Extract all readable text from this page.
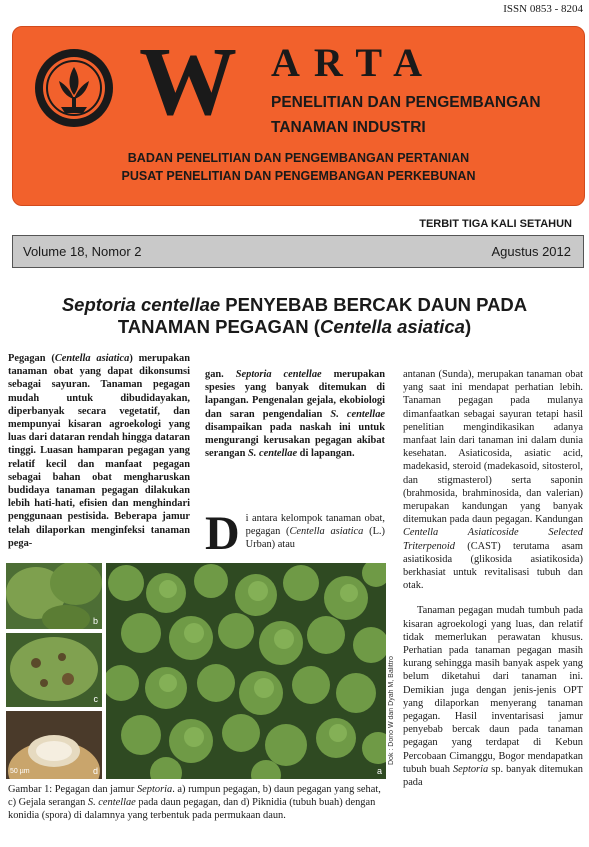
ISSN 0853 - 8204
W ARTA
PENELITIAN DAN PENGEMBANGAN
TANAMAN INDUSTRI
BADAN PENELITIAN DAN PENGEMBANGAN PERTANIAN
PUSAT PENELITIAN DAN PENGEMBANGAN PERKEBUNAN
TERBIT TIGA KALI SETAHUN
Volume 18, Nomor 2	Agustus 2012
Septoria centellae PENYEBAB BERCAK DAUN PADA
TANAMAN PEGAGAN (Centella asiatica)

Pegagan (Centella asiatica) merupakan tanaman obat yang dapat dikonsumsi sebagai sayuran. Tanaman pegagan mudah untuk dibudidayakan, diperbanyak secara vegetatif, dan mempunyai kisaran agroekologi yang luas dari dataran rendah hingga dataran tinggi. Luasan hamparan pegagan yang relatif kecil dan manfaat pegagan sebagai bahan obat mengharuskan budidaya tanaman pegagan dilakukan lebih hati-hati, efisien dan menghindari penggunaan pestisida. Beberapa jamur telah dilaporkan menginfeksi tanaman pega-

gan. Septoria centellae merupakan spesies yang banyak ditemukan di lapangan. Pengenalan gejala, ekobiologi dan saran pengendalian S. centellae disampaikan pada naskah ini untuk mengurangi kerusakan pegagan akibat serangan S. centellae di lapangan.

Di antara kelompok tanaman obat, pegagan (Centella asiatica (L.) Urban) atau

antanan (Sunda), merupakan tanaman obat yang saat ini mendapat perhatian lebih. Tanaman pegagan pada mulanya dimanfaatkan sebagai sayuran tetapi hasil penelitian mengindikasikan adanya manfaat lain dari tanaman ini dalam dunia kesehatan. Asiaticosida, asiatic acid, madekasid, steroid (madekasoid, sitosterol, dan stigmasterol) serta saponin (brahmosida, brahminosida, dan valerian) merupakan kandungan yang banyak ditemukan pada daun pegagan. Kandungan Centella Asiaticoside Selected Triterpenoid (CAST) terutama asam asiatikosida (glikosida asiatikosida) berkhasiat untuk revitalisasi tubuh dan otak.

Tanaman pegagan mudah tumbuh pada kisaran agroekologi yang luas, dan relatif tidak memerlukan perawatan khusus. Perhatian pada tanaman pegagan masih kurang sehingga masih banyak aspek yang belum diketahui dari tanaman ini. Demikian juga dengan jenis-jenis OPT yang dilaporkan menyerang tanaman pegagan. Hasil inventarisasi jamur penyebab bercak daun pada tanaman pegagan yang terdapat di Kebun Percobaan Cimanggu, Bogor mendapatkan tubuh buah Septoria sp. banyak ditemukan pada

b
c
50 µm	d	a
Dok : Dono W dan Dyah M, Balittro
Gambar 1: Pegagan dan jamur Septoria. a) rumpun pegagan, b) daun pegagan yang sehat, c) Gejala serangan S. centellae pada daun pegagan, dan d) Piknidia (tubuh buah) dengan konidia (spora) di dalamnya yang terbentuk pada permukaan daun.
